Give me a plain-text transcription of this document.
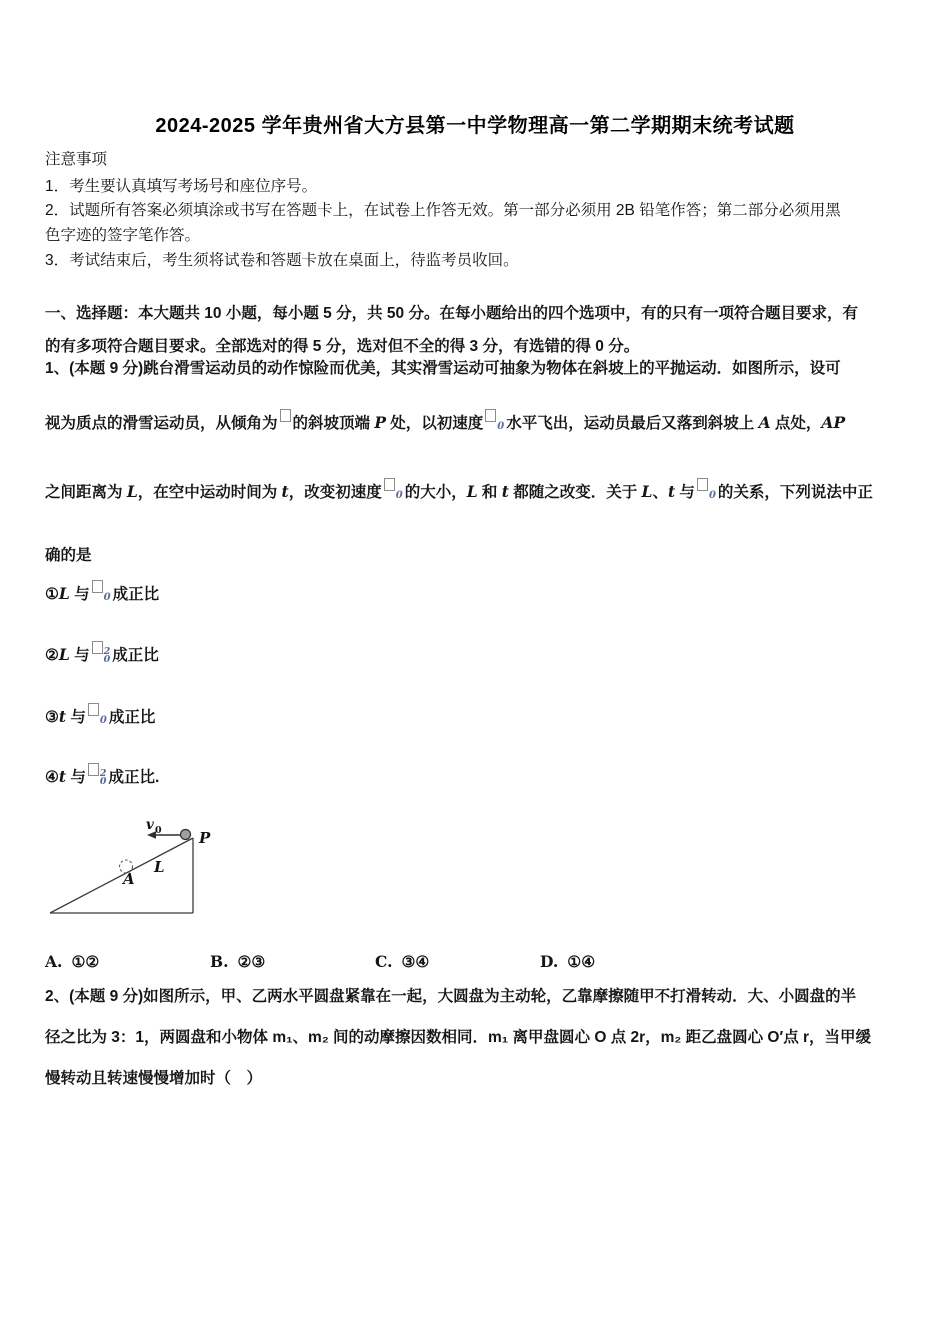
2024-2025 学年贵州省大方县第一中学物理高一第二学期期末统考试题
注意事项
1．考生要认真填写考场号和座位序号。
2．试题所有答案必须填涂或书写在答题卡上，在试卷上作答无效。第一部分必须用 2B 铅笔作答；第二部分必须用黑
色字迹的签字笔作答。
3．考试结束后，考生须将试卷和答题卡放在桌面上，待监考员收回。
一、选择题：本大题共 10 小题，每小题 5 分，共 50 分。在每小题给出的四个选项中，有的只有一项符合题目要求，有
的有多项符合题目要求。全部选对的得 5 分，选对但不全的得 3 分，有选错的得 0 分。
1、(本题 9 分)跳台滑雪运动员的动作惊险而优美，其实滑雪运动可抽象为物体在斜坡上的平抛运动．如图所示，设可
视为质点的滑雪运动员，从倾角为 的斜坡顶端 P 处，以初速度 0 水平飞出，运动员最后又落到斜坡上 A 点处，AP
之间距离为 L，在空中运动时间为 t，改变初速度 0 的大小，L 和 t 都随之改变．关于 L、t 与 0 的关系，下列说法中正
确的是
①L 与 0 成正比
②L 与 2
0 成正比
③t 与 0 成正比
④t 与 2
0 成正比.
v 0 P
L
A
A. ①②	B. ②③	C. ③④	D. ①④
2、(本题 9 分)如图所示，甲、乙两水平圆盘紧靠在一起，大圆盘为主动轮，乙靠摩擦随甲不打滑转动．大、小圆盘的半
径之比为 3：1，两圆盘和小物体 m₁、m₂ 间的动摩擦因数相同．m₁ 离甲盘圆心 O 点 2r，m₂ 距乙盘圆心 O′点 r，当甲缓
慢转动且转速慢慢增加时（　）
